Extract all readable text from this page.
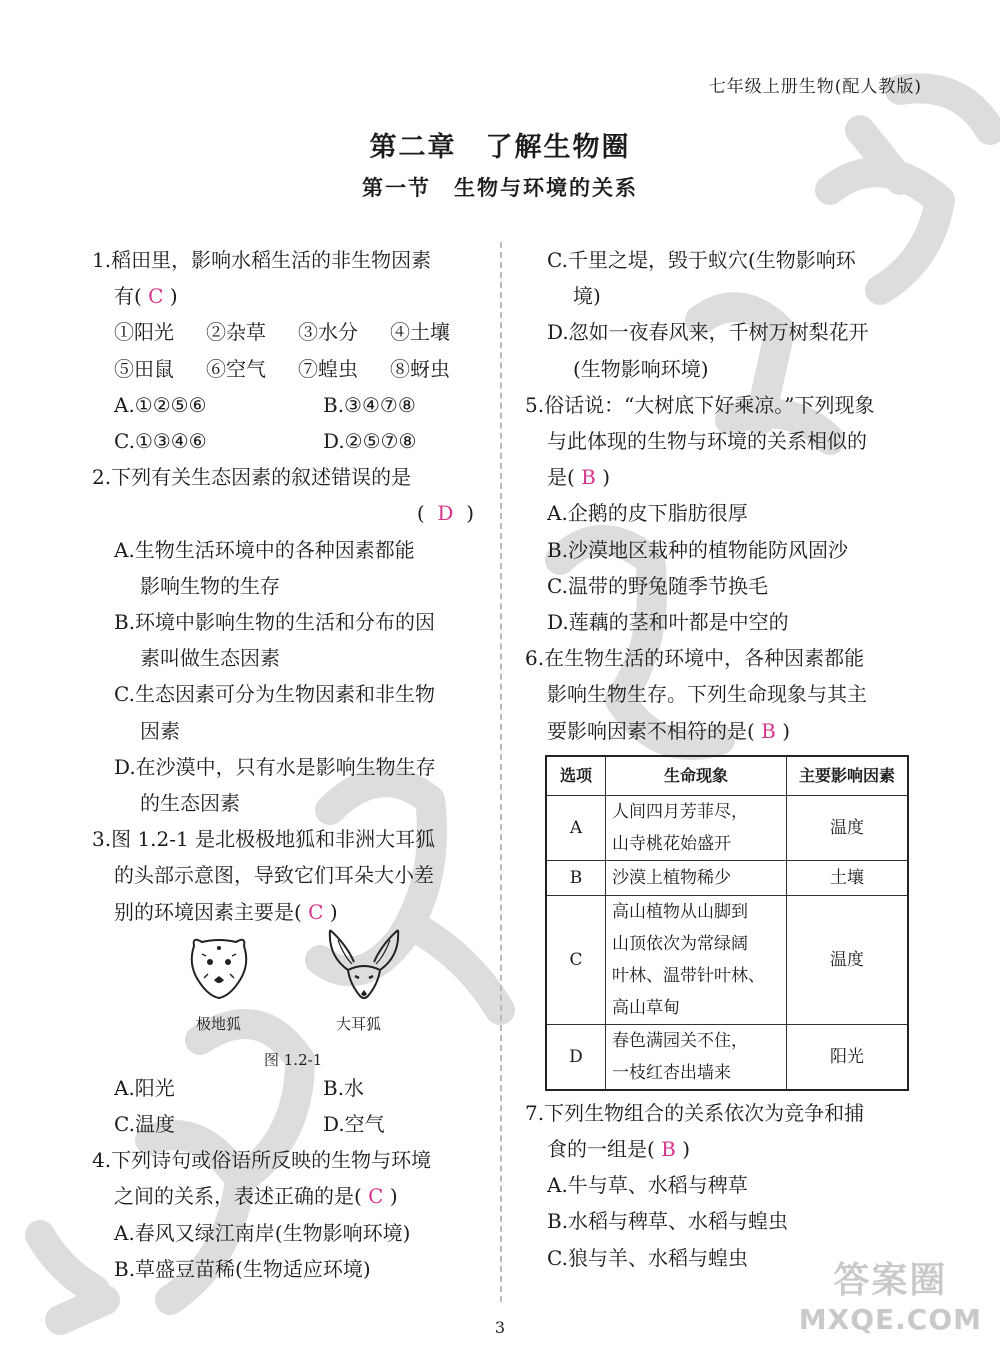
七年级上册生物(配人教版)
第二章　了解生物圈
第一节　生物与环境的关系
1.稻田里，影响水稻生活的非生物因素
有( C )
①阳光	②杂草	③水分	④土壤
⑤田鼠	⑥空气	⑦蝗虫	⑧蚜虫
A.①②⑤⑥	B.③④⑦⑧
C.①③④⑥	D.②⑤⑦⑧
2.下列有关生态因素的叙述错误的是
( D )
A.生物生活环境中的各种因素都能
影响生物的生存
B.环境中影响生物的生活和分布的因
素叫做生态因素
C.生态因素可分为生物因素和非生物
因素
D.在沙漠中，只有水是影响生物生存
的生态因素
3.图 1.2-1 是北极极地狐和非洲大耳狐
的头部示意图，导致它们耳朵大小差
别的环境因素主要是( C )
极地狐	大耳狐
图 1.2-1
A.阳光	B.水
C.温度	D.空气
4.下列诗句或俗语所反映的生物与环境
之间的关系，表述正确的是( C )
A.春风又绿江南岸(生物影响环境)
B.草盛豆苗稀(生物适应环境)
C.千里之堤，毁于蚁穴(生物影响环
境)
D.忽如一夜春风来，千树万树梨花开
(生物影响环境)
5.俗话说：“大树底下好乘凉。”下列现象
与此体现的生物与环境的关系相似的
是( B )
A.企鹅的皮下脂肪很厚
B.沙漠地区栽种的植物能防风固沙
C.温带的野兔随季节换毛
D.莲藕的茎和叶都是中空的
6.在生物生活的环境中，各种因素都能
影响生物生存。下列生命现象与其主
要影响因素不相符的是( B )
选项	生命现象	主要影响因素
A	人间四月芳菲尽，
山寺桃花始盛开	温度
B	沙漠上植物稀少	土壤
C	高山植物从山脚到
山顶依次为常绿阔
叶林、温带针叶林、
高山草甸	温度
D	春色满园关不住，
一枝红杏出墙来	阳光
7.下列生物组合的关系依次为竞争和捕
食的一组是( B )
A.牛与草、水稻与稗草
B.水稻与稗草、水稻与蝗虫
C.狼与羊、水稻与蝗虫
3
答案圈
MXQE.COM
